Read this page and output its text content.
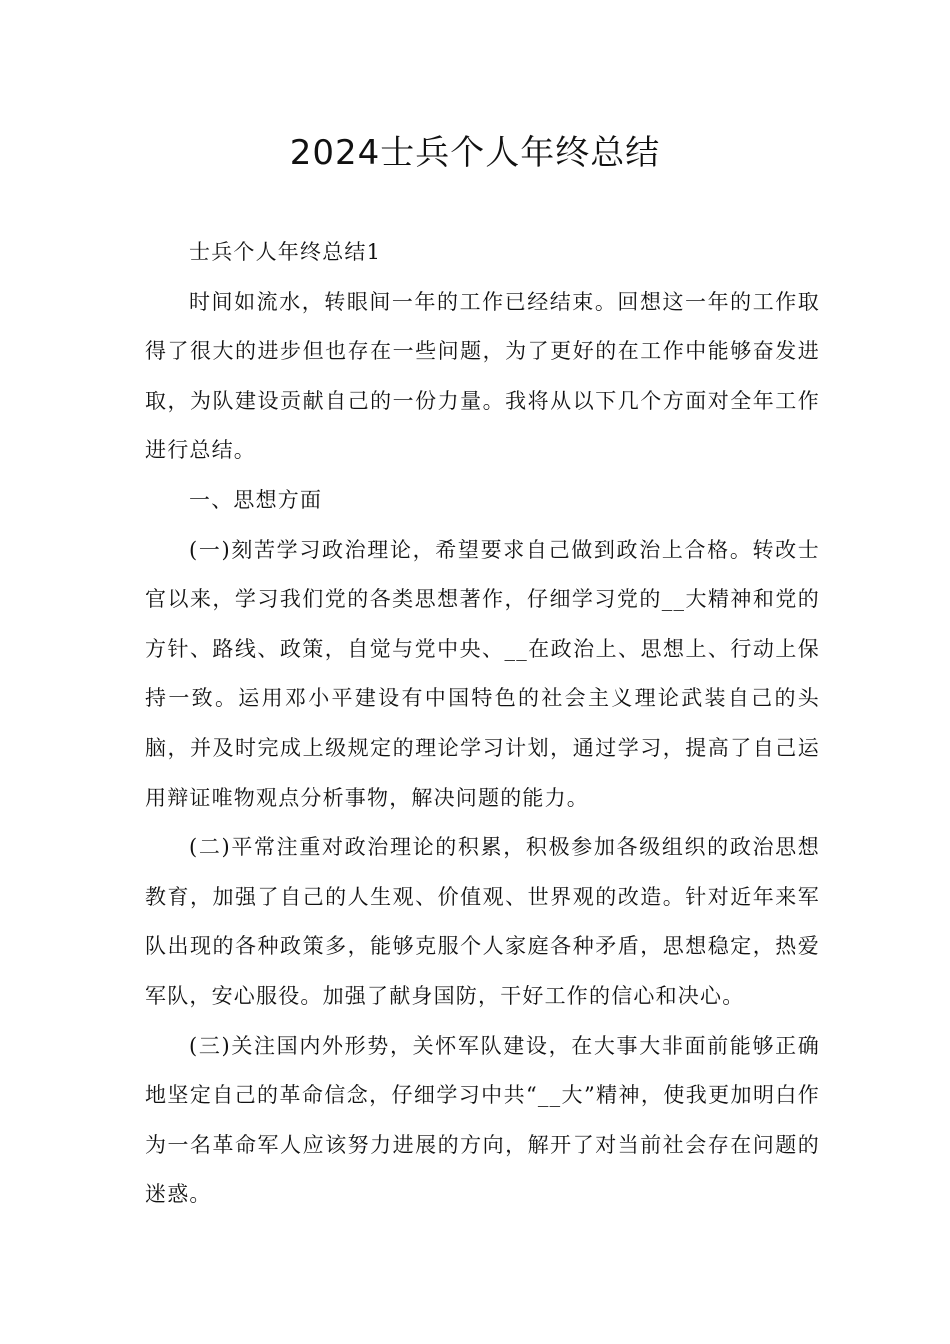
2024士兵个人年终总结

士兵个人年终总结1

时间如流水，转眼间一年的工作已经结束。回想这一年的工作取得了很大的进步但也存在一些问题，为了更好的在工作中能够奋发进取，为队建设贡献自己的一份力量。我将从以下几个方面对全年工作进行总结。

一、思想方面

(一)刻苦学习政治理论，希望要求自己做到政治上合格。转改士官以来，学习我们党的各类思想著作，仔细学习党的__大精神和党的方针、路线、政策，自觉与党中央、__在政治上、思想上、行动上保持一致。运用邓小平建设有中国特色的社会主义理论武装自己的头脑，并及时完成上级规定的理论学习计划，通过学习，提高了自己运用辩证唯物观点分析事物，解决问题的能力。

(二)平常注重对政治理论的积累，积极参加各级组织的政治思想教育，加强了自己的人生观、价值观、世界观的改造。针对近年来军队出现的各种政策多，能够克服个人家庭各种矛盾，思想稳定，热爱军队，安心服役。加强了献身国防，干好工作的信心和决心。

(三)关注国内外形势，关怀军队建设，在大事大非面前能够正确地坚定自己的革命信念，仔细学习中共“__大”精神，使我更加明白作为一名革命军人应该努力进展的方向，解开了对当前社会存在问题的迷惑。
